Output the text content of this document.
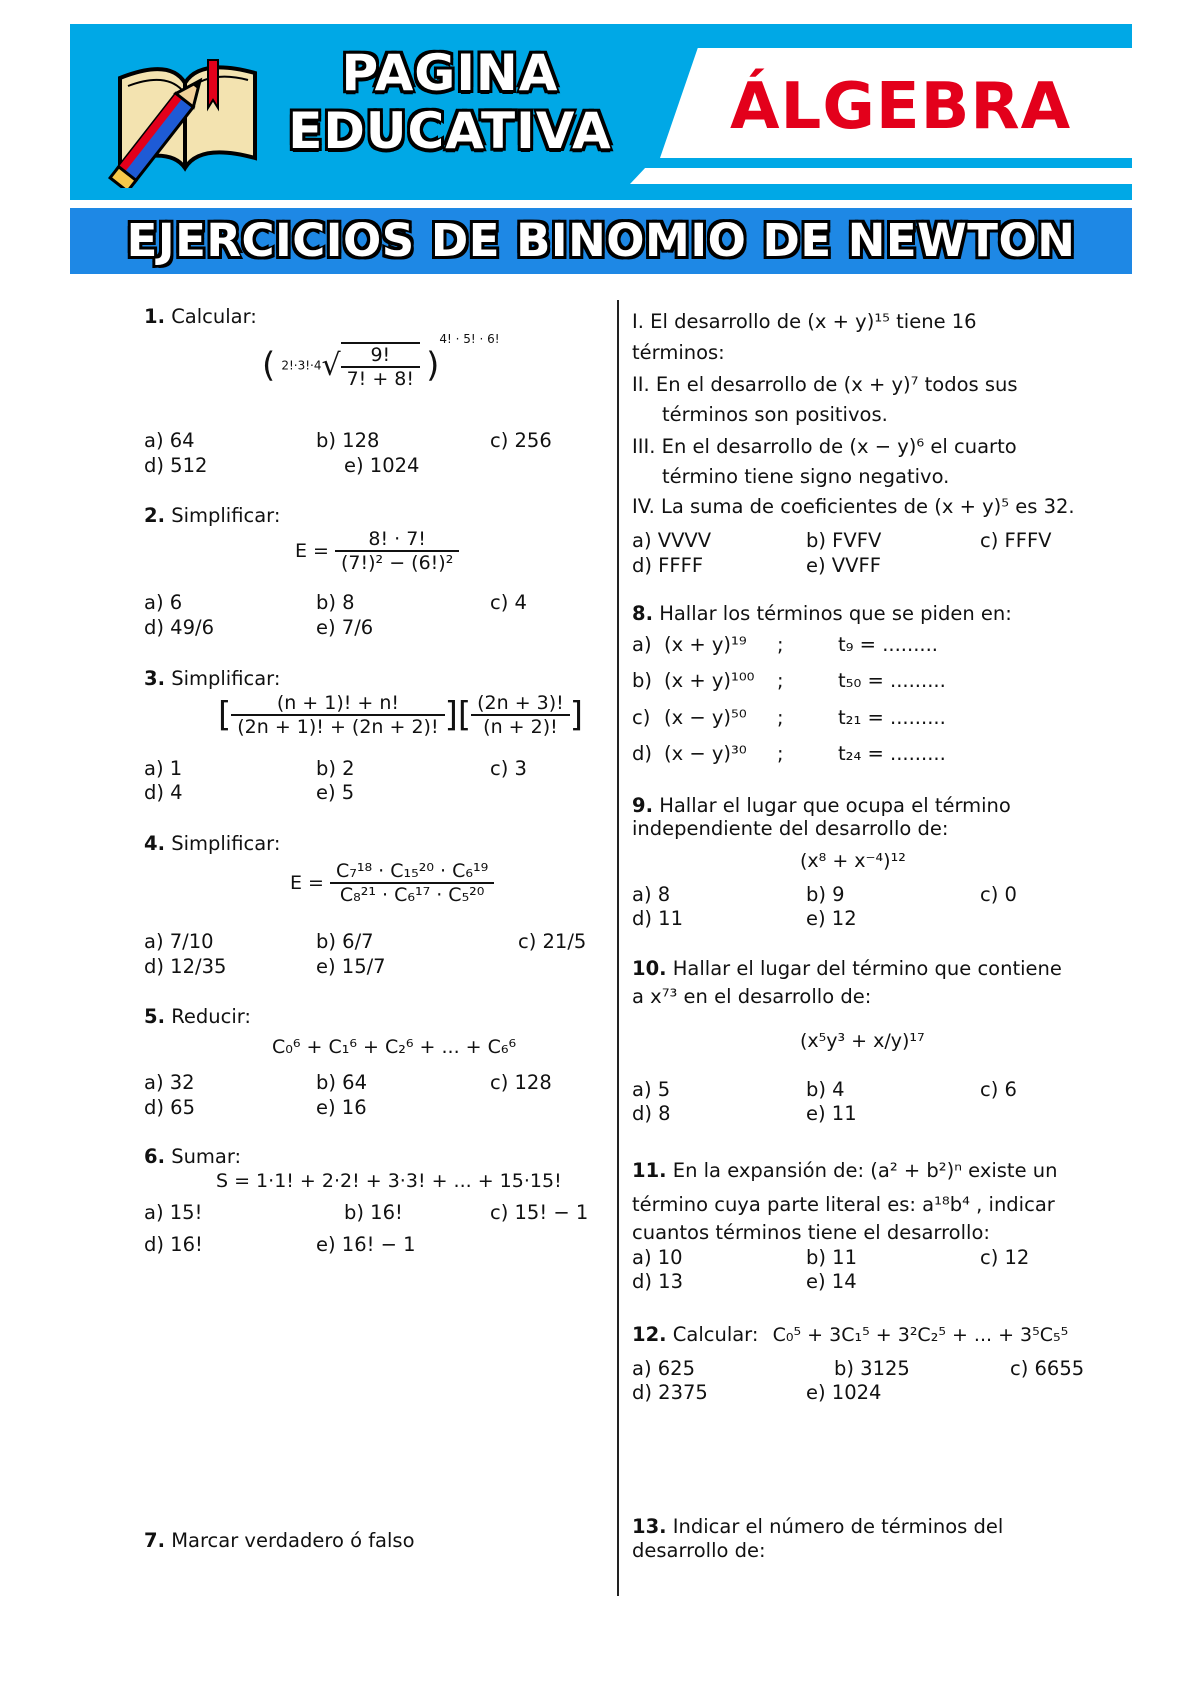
PAGINA
EDUCATIVA ÁLGEBRA
EJERCICIOS DE BINOMIO DE NEWTON
1. Calcular:
( $2!\cdot 3!\cdot 4√ \frac{9!}{7! + 8!} )^{4! \cdot 5! \cdot 6!}$
a) 64	b) 128	c) 256
d) 512	e) 1024
2. Simplificar:
$E = \frac{8! \cdot 7!}{\text{(7!)² − (6!)²}}$
a) 6	b) 8	c) 4
d) 49/6	e) 7/6
3. Simplificar:
[ $\frac{(n + 1)! + n!}{(2n + 1)! + (2n + 2)!}$ ][ $\frac{(2n + 3)!}{(n + 2)!}$ ]
a) 1	b) 2	c) 3
d) 4	e) 5
4. Simplificar:
$E = \frac{\text{C₇¹⁸ · C₁₅²⁰ · C₆¹⁹}}{\text{C₈²¹ · C₆¹⁷ · C₅²⁰}}$
a) 7/10	b) 6/7	c) 21/5
d) 12/35	e) 15/7
5. Reducir:
C₀⁶ + C₁⁶ + C₂⁶ + ... + C₆⁶
a) 32	b) 64	c) 128
d) 65	e) 16
6. Sumar:
S = 1·1! + 2·2! + 3·3! + ... + 15·15!
a) 15!	b) 16!	c) 15! − 1
d) 16!	e) 16! − 1
7. Marcar verdadero ó falso
I. El desarrollo de (x + y)¹⁵ tiene 16
términos:
II. En el desarrollo de (x + y)⁷ todos sus
términos son positivos.
III. En el desarrollo de (x − y)⁶ el cuarto
término tiene signo negativo.
IV. La suma de coeficientes de (x + y)⁵ es 32.
a) VVVV	b) FVFV	c) FFFV
d) FFFF	e) VVFF
8. Hallar los términos que se piden en:
a) (x + y)¹⁹ ;	t₉ = .........
b) (x + y)¹⁰⁰ ;	t₅₀ = .........
c) (x − y)⁵⁰ ;	t₂₁ = .........
d) (x − y)³⁰ ;	t₂₄ = .........
9. Hallar el lugar que ocupa el término
independiente del desarrollo de:
(x⁸ + x⁻⁴)¹²
a) 8	b) 9	c) 0
d) 11	e) 12
10. Hallar el lugar del término que contiene
a x⁷³ en el desarrollo de:
(x⁵y³ + x/y)¹⁷
a) 5	b) 4	c) 6
d) 8	e) 11
11. En la expansión de: (a² + b²)ⁿ existe un
término cuya parte literal es: a¹⁸b⁴ , indicar
cuantos términos tiene el desarrollo:
a) 10	b) 11	c) 12
d) 13	e) 14
12. Calcular: C₀⁵ + 3C₁⁵ + 3²C₂⁵ + ... + 3⁵C₅⁵
a) 625	b) 3125	c) 6655
d) 2375	e) 1024
13. Indicar el número de términos del
desarrollo de:
